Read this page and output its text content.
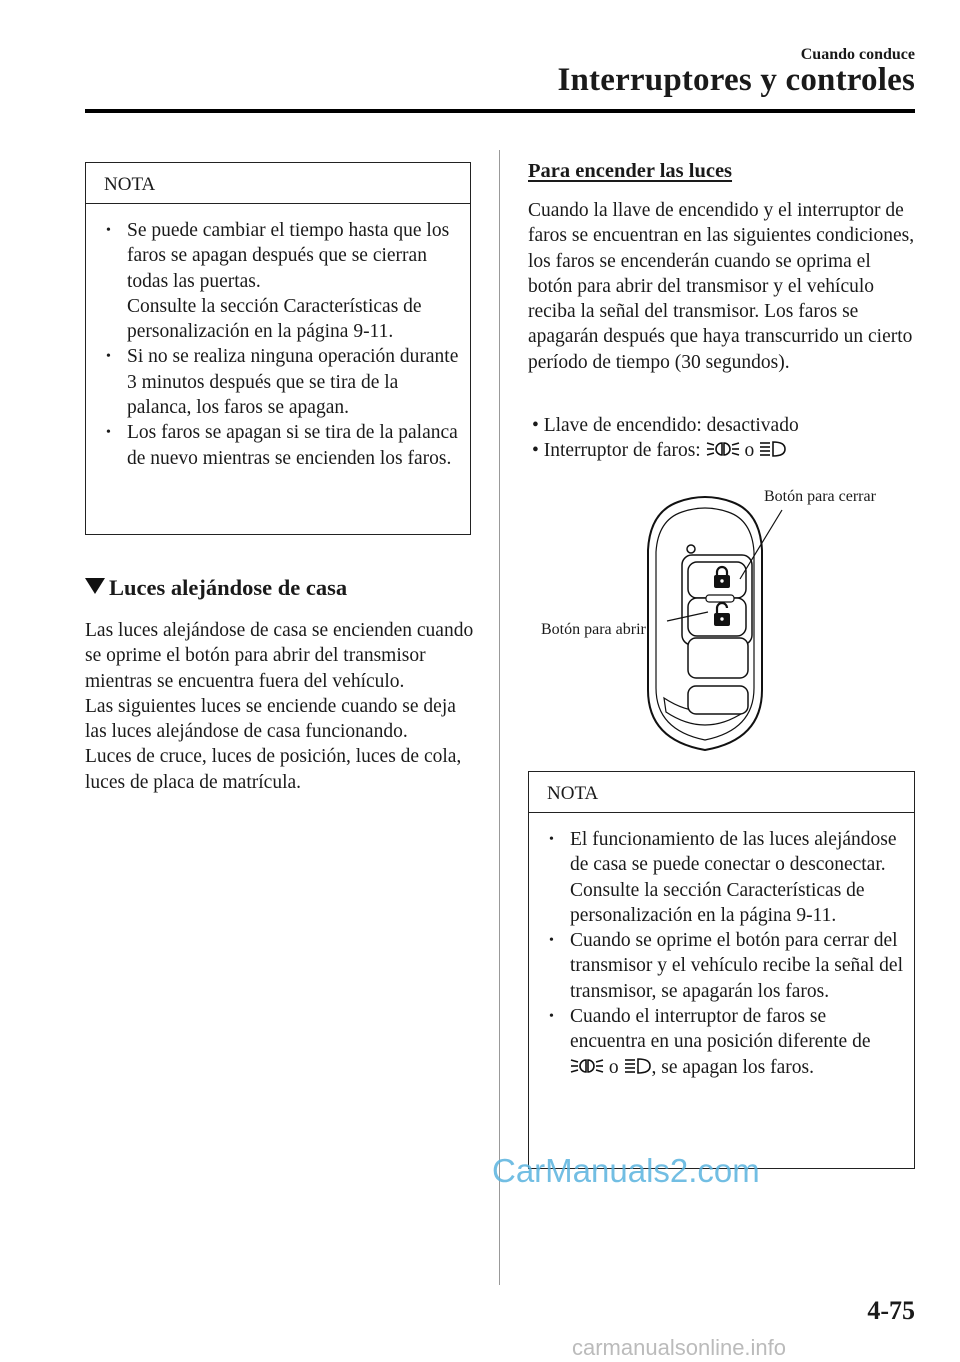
Cuando conduce
Interruptores y controles
NOTA
• Se puede cambiar el tiempo hasta que los faros se apagan después que se cierran todas las puertas.
Consulte la sección Características de personalización en la página 9-11.
• Si no se realiza ninguna operación durante 3 minutos después que se tira de la palanca, los faros se apagan.
• Los faros se apagan si se tira de la palanca de nuevo mientras se encienden los faros.
Luces alejándose de casa
Las luces alejándose de casa se encienden cuando se oprime el botón para abrir del transmisor mientras se encuentra fuera del vehículo.
Las siguientes luces se enciende cuando se deja las luces alejándose de casa funcionando.
Luces de cruce, luces de posición, luces de cola, luces de placa de matrícula.
Para encender las luces
Cuando la llave de encendido y el interruptor de faros se encuentran en las siguientes condiciones, los faros se encenderán cuando se oprima el botón para abrir del transmisor y el vehículo reciba la señal del transmisor. Los faros se apagarán después que haya transcurrido un cierto período de tiempo (30 segundos).
• Llave de encendido: desactivado
• Interruptor de faros: o
Botón para cerrar
Botón para abrir
NOTA
• El funcionamiento de las luces alejándose de casa se puede conectar o desconectar.
Consulte la sección Características de personalización en la página 9-11.
• Cuando se oprime el botón para cerrar del transmisor y el vehículo recibe la señal del transmisor, se apagarán los faros.
• Cuando el interruptor de faros se encuentra en una posición diferente de  o , se apagan los faros.
CarManuals2.com
4-75
carmanualsonline.info
